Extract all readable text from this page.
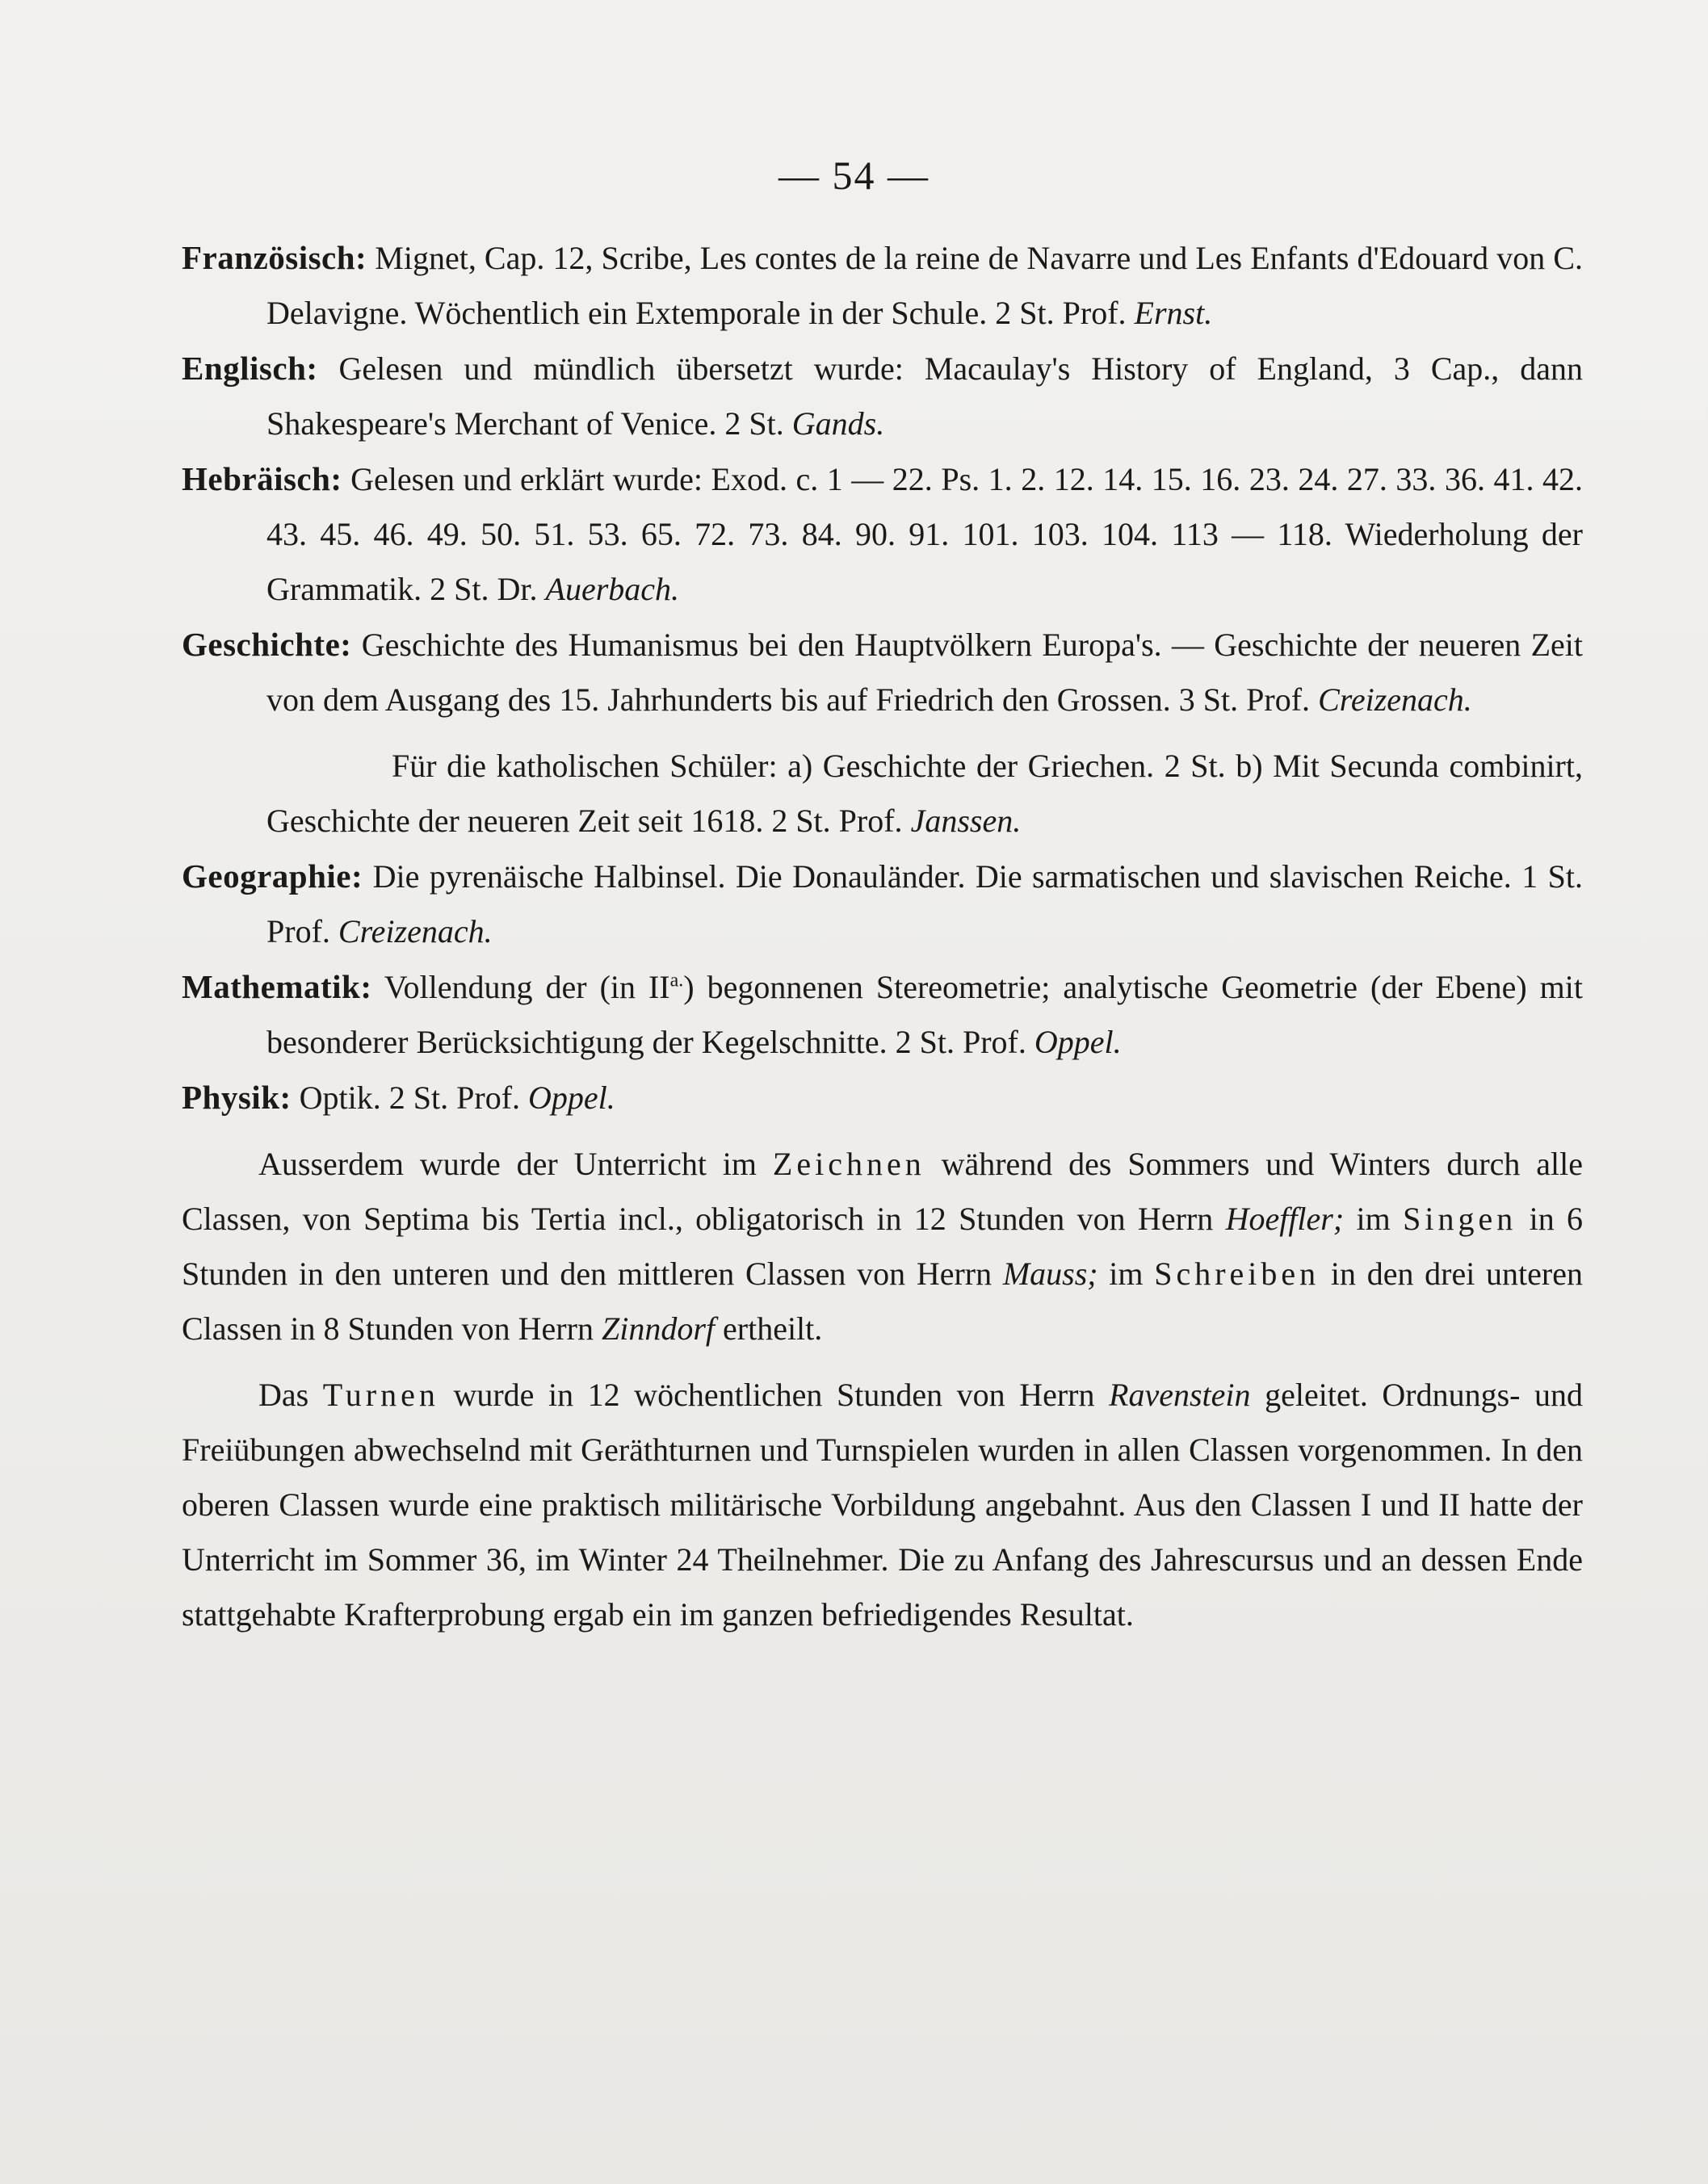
— 54 —

Französisch: Mignet, Cap. 12, Scribe, Les contes de la reine de Navarre und Les Enfants d'Edouard von C. Delavigne. Wöchentlich ein Extemporale in der Schule. 2 St. Prof. Ernst.

Englisch: Gelesen und mündlich übersetzt wurde: Macaulay's History of England, 3 Cap., dann Shakespeare's Merchant of Venice. 2 St. Gands.

Hebräisch: Gelesen und erklärt wurde: Exod. c. 1 — 22. Ps. 1. 2. 12. 14. 15. 16. 23. 24. 27. 33. 36. 41. 42. 43. 45. 46. 49. 50. 51. 53. 65. 72. 73. 84. 90. 91. 101. 103. 104. 113 — 118. Wiederholung der Grammatik. 2 St. Dr. Auerbach.

Geschichte: Geschichte des Humanismus bei den Hauptvölkern Europa's. — Geschichte der neueren Zeit von dem Ausgang des 15. Jahrhunderts bis auf Friedrich den Grossen. 3 St. Prof. Creizenach.

Für die katholischen Schüler: a) Geschichte der Griechen. 2 St. b) Mit Secunda combinirt, Geschichte der neueren Zeit seit 1618. 2 St. Prof. Janssen.

Geographie: Die pyrenäische Halbinsel. Die Donauländer. Die sarmatischen und slavischen Reiche. 1 St. Prof. Creizenach.

Mathematik: Vollendung der (in $II^{a.}$) begonnenen Stereometrie; analytische Geometrie (der Ebene) mit besonderer Berücksichtigung der Kegelschnitte. 2 St. Prof. Oppel.

Physik: Optik. 2 St. Prof. Oppel.

Ausserdem wurde der Unterricht im Zeichnen während des Sommers und Winters durch alle Classen, von Septima bis Tertia incl., obligatorisch in 12 Stunden von Herrn Hoeffler; im Singen in 6 Stunden in den unteren und den mittleren Classen von Herrn Mauss; im Schreiben in den drei unteren Classen in 8 Stunden von Herrn Zinndorf ertheilt.

Das Turnen wurde in 12 wöchentlichen Stunden von Herrn Ravenstein geleitet. Ordnungs- und Freiübungen abwechselnd mit Geräthturnen und Turnspielen wurden in allen Classen vorgenommen. In den oberen Classen wurde eine praktisch militärische Vorbildung angebahnt. Aus den Classen I und II hatte der Unterricht im Sommer 36, im Winter 24 Theilnehmer. Die zu Anfang des Jahrescursus und an dessen Ende stattgehabte Krafterprobung ergab ein im ganzen befriedigendes Resultat.
